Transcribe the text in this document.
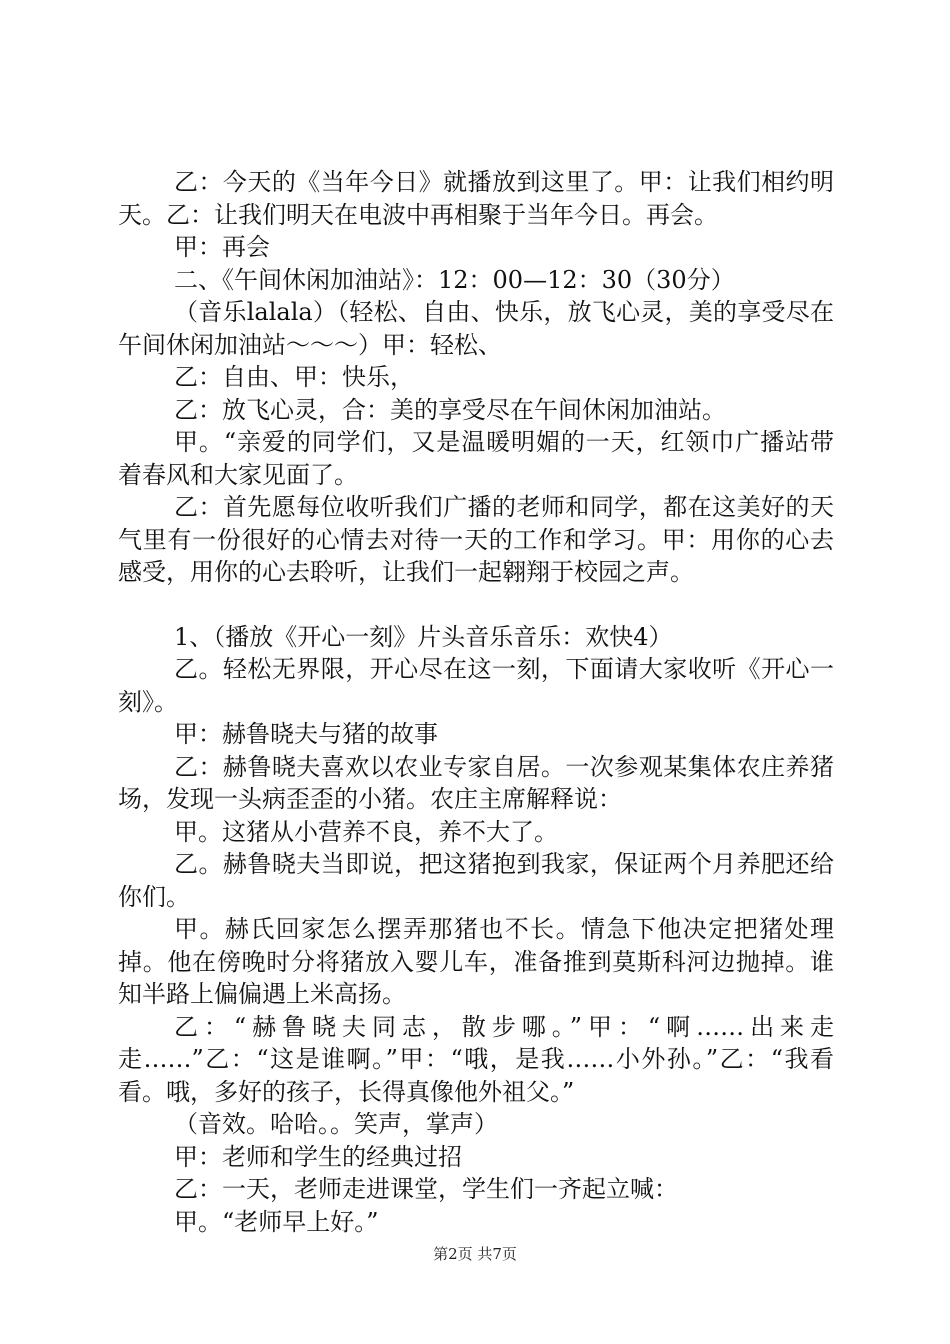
乙：今天的《当年今日》就播放到这里了。甲：让我们相约明天。乙：让我们明天在电波中再相聚于当年今日。再会。

甲：再会

二、《午间休闲加油站》：12：00—12：30（30分）

（音乐lalala）（轻松、自由、快乐，放飞心灵，美的享受尽在午间休闲加油站～～～）甲：轻松、

乙：自由、甲：快乐，

乙：放飞心灵，合：美的享受尽在午间休闲加油站。

甲。“亲爱的同学们，又是温暖明媚的一天，红领巾广播站带着春风和大家见面了。

乙：首先愿每位收听我们广播的老师和同学，都在这美好的天气里有一份很好的心情去对待一天的工作和学习。甲：用你的心去感受，用你的心去聆听，让我们一起翱翔于校园之声。

1、（播放《开心一刻》片头音乐音乐：欢快4）

乙。轻松无界限，开心尽在这一刻，下面请大家收听《开心一刻》。

甲：赫鲁晓夫与猪的故事

乙：赫鲁晓夫喜欢以农业专家自居。一次参观某集体农庄养猪场，发现一头病歪歪的小猪。农庄主席解释说：

甲。这猪从小营养不良，养不大了。

乙。赫鲁晓夫当即说，把这猪抱到我家，保证两个月养肥还给你们。

甲。赫氏回家怎么摆弄那猪也不长。情急下他决定把猪处理掉。他在傍晚时分将猪放入婴儿车，准备推到莫斯科河边抛掉。谁知半路上偏偏遇上米高扬。

乙：“赫鲁晓夫同志，散步哪。”甲：“啊……出来走走……”乙：“这是谁啊。”甲：“哦，是我……小外孙。”乙：“我看看。哦，多好的孩子，长得真像他外祖父。”

（音效。哈哈。。笑声，掌声）

甲：老师和学生的经典过招

乙：一天，老师走进课堂，学生们一齐起立喊：

甲。“老师早上好。”

第2页 共7页
